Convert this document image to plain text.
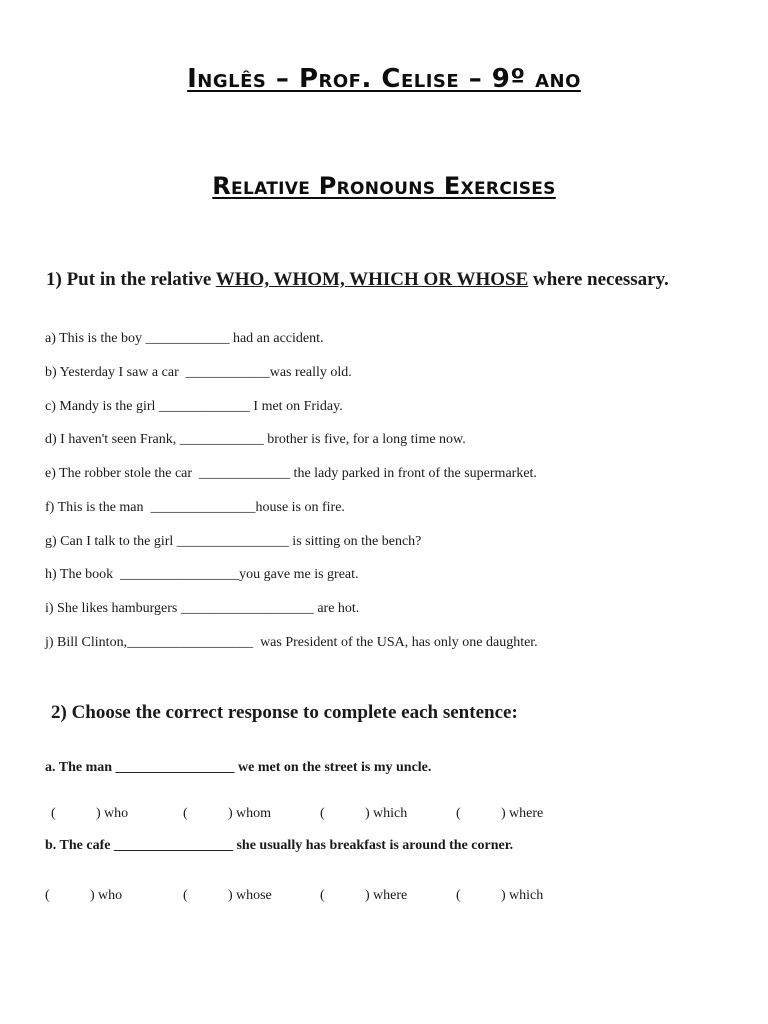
Inglês – Prof. Celise – 9º ano
Relative Pronouns Exercises
1) Put in the relative WHO, WHOM, WHICH OR WHOSE where necessary.
a) This is the boy ____________ had an accident.
b) Yesterday I saw a car  ____________was really old.
c) Mandy is the girl _____________ I met on Friday.
d) I haven't seen Frank, ____________ brother is five, for a long time now.
e) The robber stole the car  _____________ the lady parked in front of the supermarket.
f) This is the man  _______________house is on fire.
g) Can I talk to the girl ________________ is sitting on the bench?
h) The book  _________________you gave me is great.
i) She likes hamburgers ___________________ are hot.
j) Bill Clinton,__________________  was President of the USA, has only one daughter.
2) Choose the correct response to complete each sentence:
a. The man _________________ we met on the street is my uncle.

(	) who

	(	) whom

	(	) which

	(	) where

b. The cafe _________________ she usually has breakfast is around the corner.

(	) who

	(	) whose

	(	) where

	(	) which
